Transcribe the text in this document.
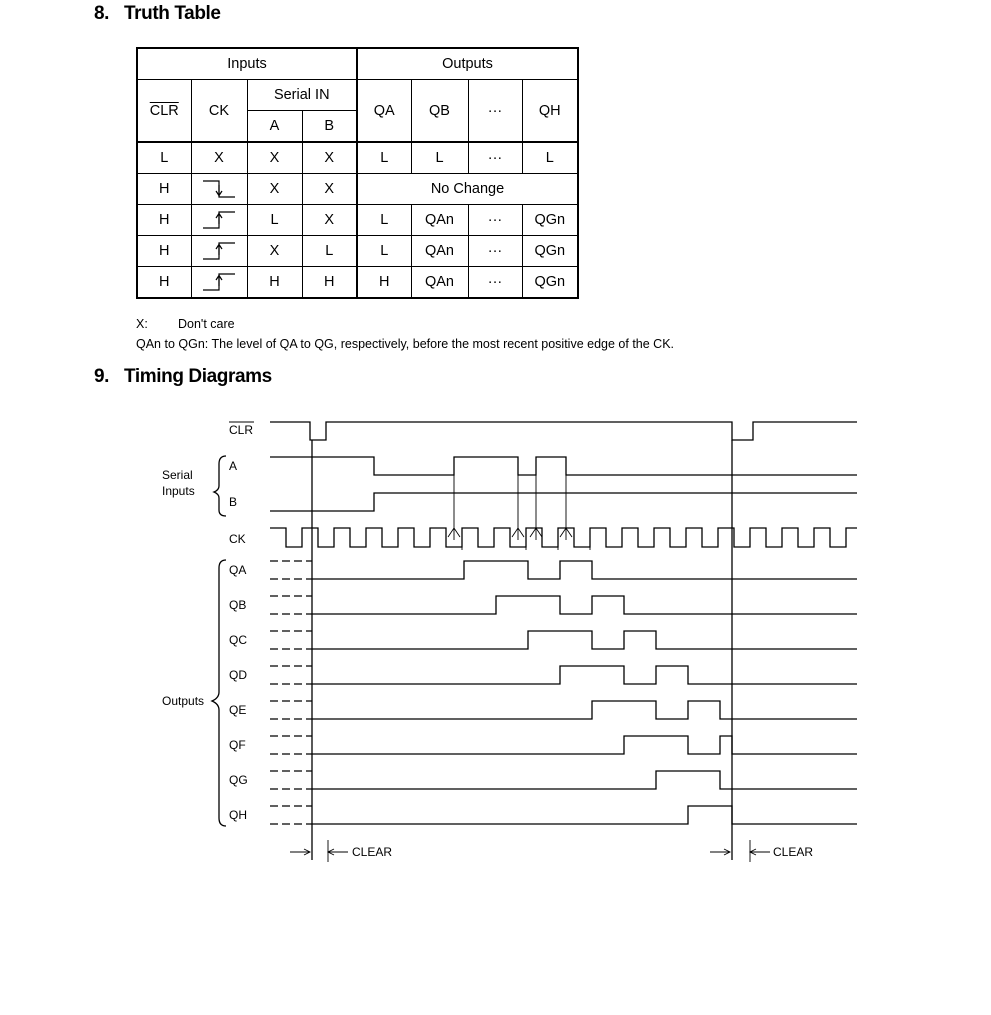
8. Truth Table
Inputs				Outputs			
$\overline{CLR}$	CK	Serial IN		QA	QB	···	QH
		A	B				
L	X	X	X	L	L	···	L
H		X	X	No Change			
H		L	X	L	QAn	···	QGn
H		X	L	L	QAn	···	QGn
H		H	H	H	QAn	···	QGn
X: Don't care
QAn to QGn: The level of QA to QG, respectively, before the most recent positive edge of the CK.
9. Timing Diagrams
CLR
A
B
CK
QA
QB
QC
QD
QE
QF
QG
QH
Serial
Inputs
Outputs
CLEAR	CLEAR
